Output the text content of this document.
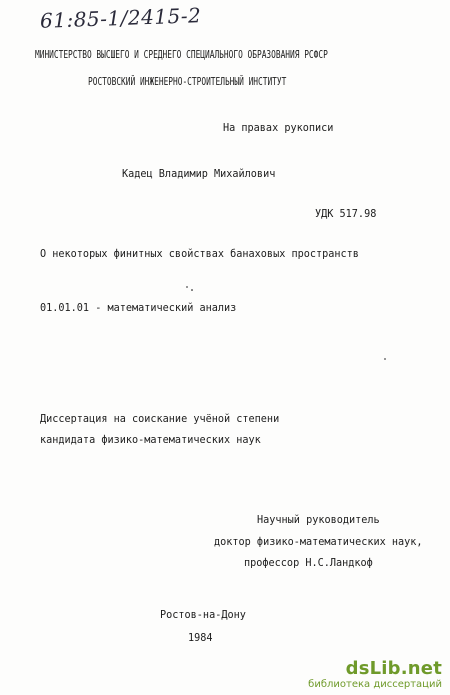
61:85-1/2415-2
МИНИСТЕРСТВО ВЫСШЕГО И СРЕДНЕГО СПЕЦИАЛЬНОГО ОБРАЗОВАНИЯ РСФСР
РОСТОВСКИЙ ИНЖЕНЕРНО-СТРОИТЕЛЬНЫЙ ИНСТИТУТ
На правах рукописи
Кадец Владимир Михайлович
УДК 517.98
О некоторых финитных свойствах банаховых пространств
01.01.01 - математический анализ
Диссертация на соискание учёной степени
кандидата физико-математических наук
Научный руководитель
доктор физико-математических наук,
профессор Н.С.Ландкоф
Ростов-на-Дону
1984
dsLib.net
библиотека диссертаций
